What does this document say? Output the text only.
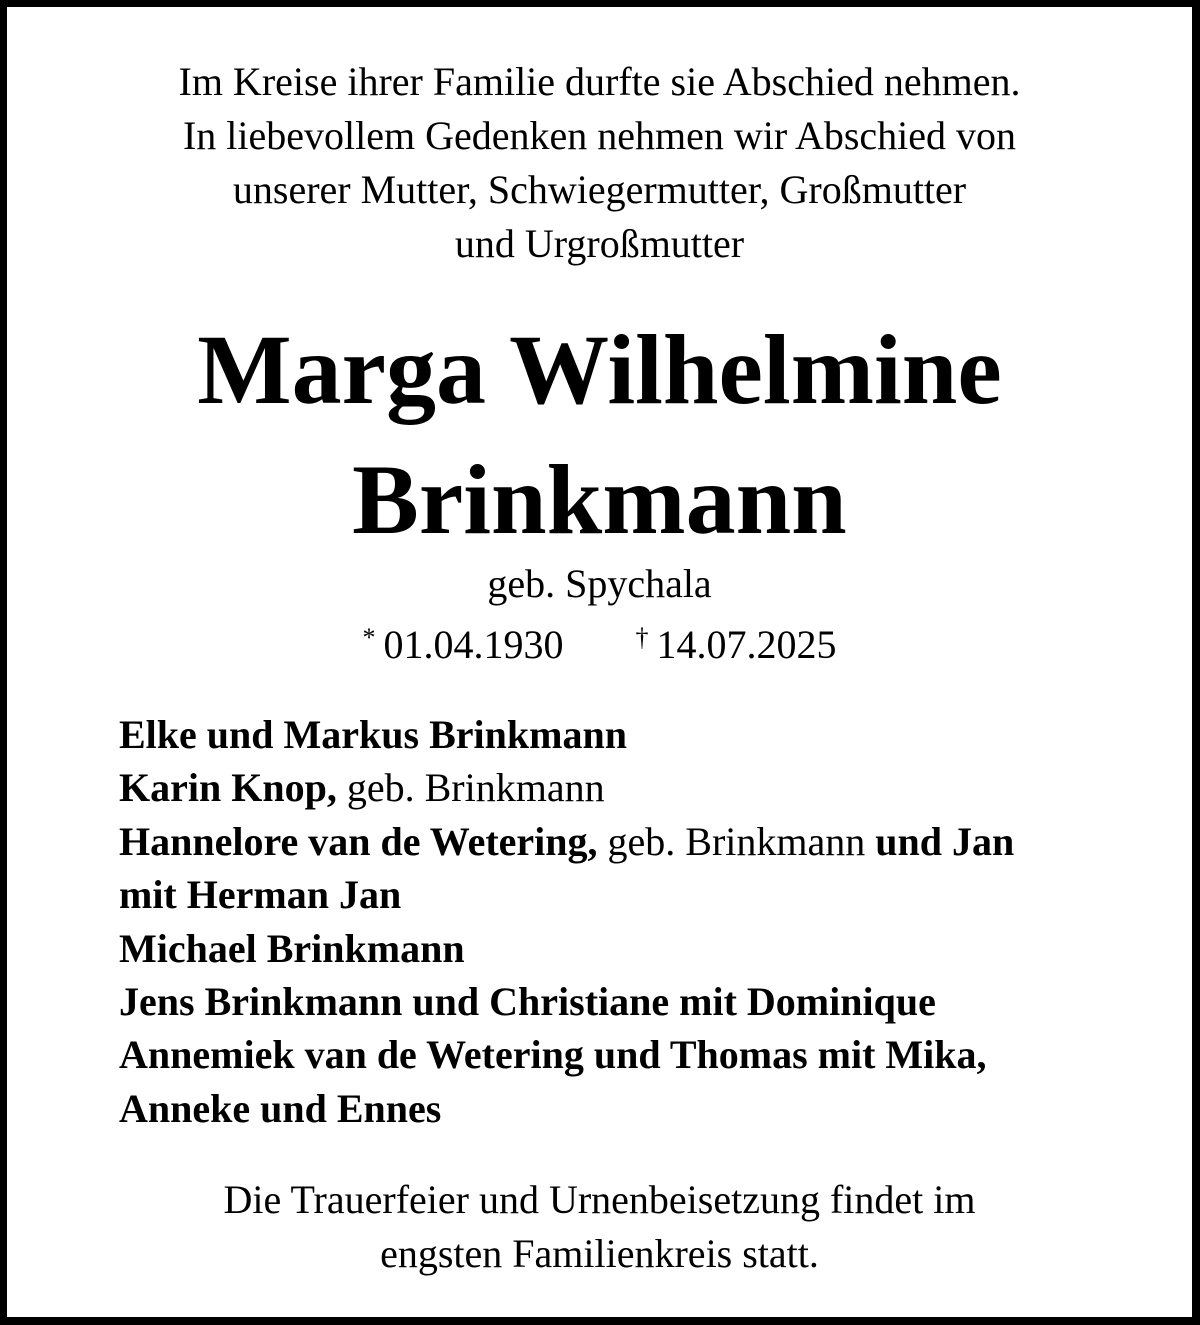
Im Kreise ihrer Familie durfte sie Abschied nehmen.
In liebevollem Gedenken nehmen wir Abschied von
unserer Mutter, Schwiegermutter, Großmutter
und Urgroßmutter
Marga Wilhelmine
Brinkmann
geb. Spychala
* 01.04.1930	† 14.07.2025
Elke und Markus Brinkmann
Karin Knop, geb. Brinkmann
Hannelore van de Wetering, geb. Brinkmann und Jan
mit Herman Jan
Michael Brinkmann
Jens Brinkmann und Christiane mit Dominique
Annemiek van de Wetering und Thomas mit Mika,
Anneke und Ennes
Die Trauerfeier und Urnenbeisetzung findet im
engsten Familienkreis statt.
